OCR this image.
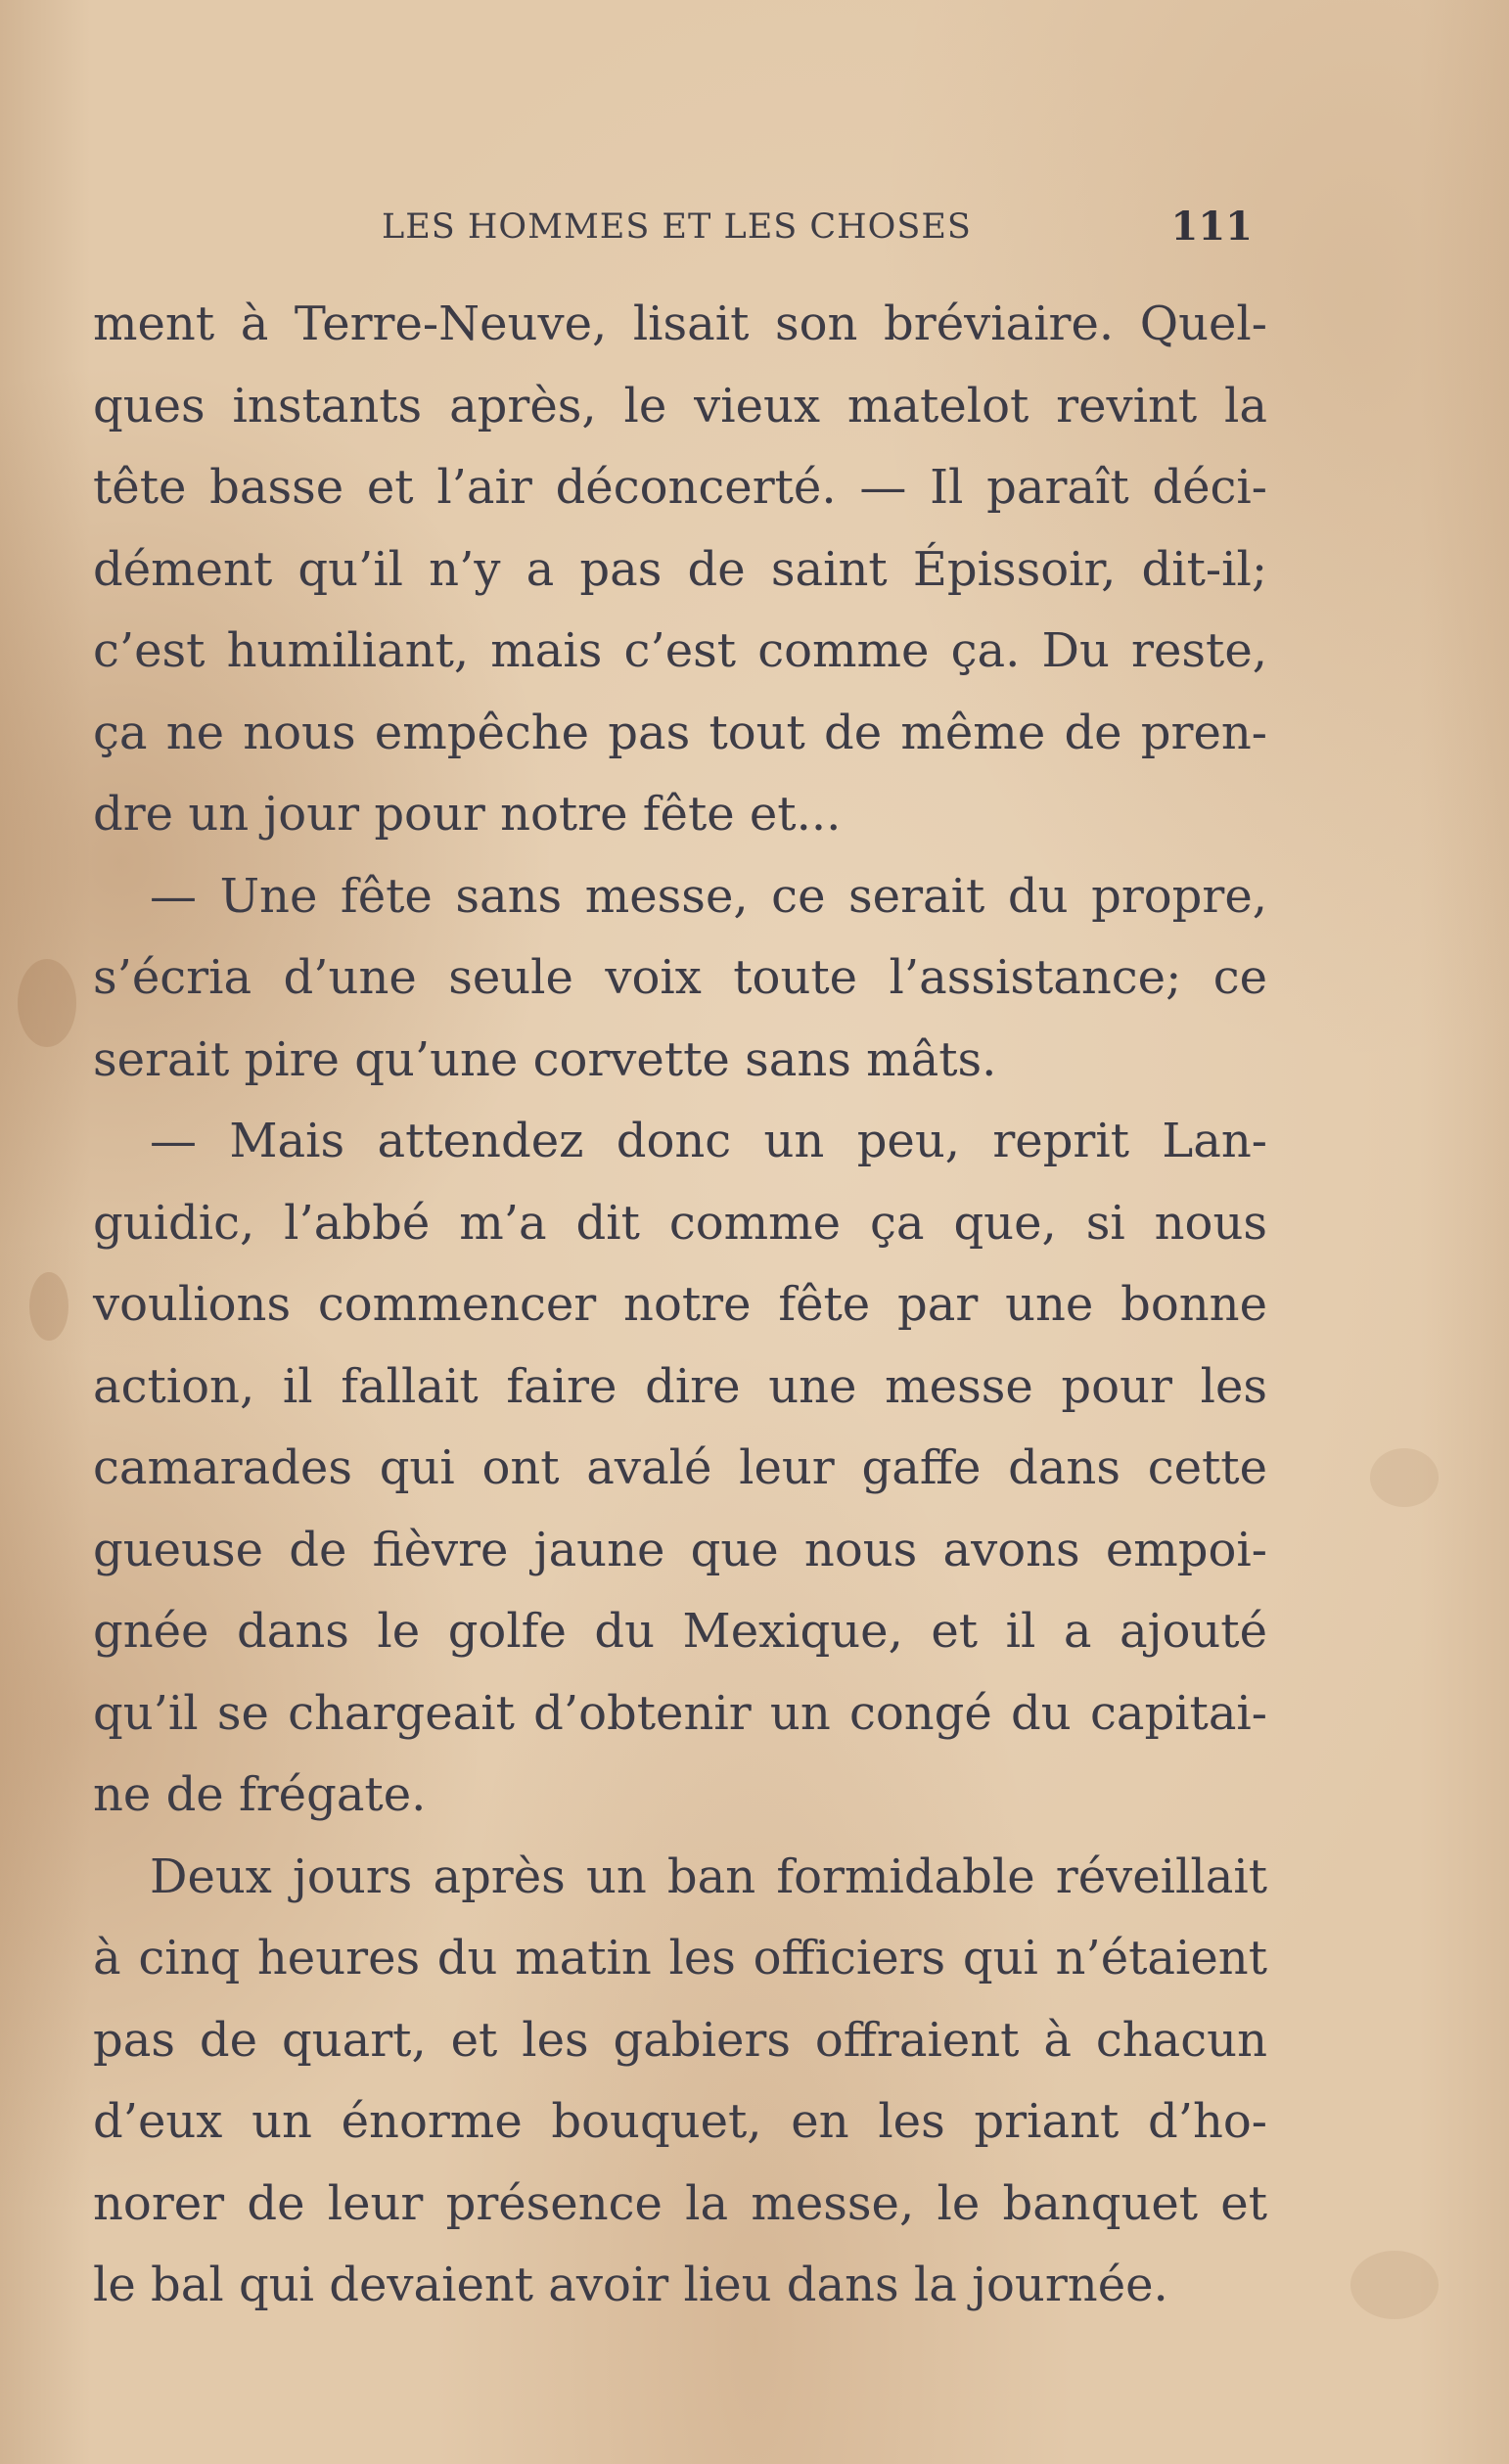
LES HOMMES ET LES CHOSES	111
ment à Terre-Neuve, lisait son bréviaire. Quel-
ques instants après, le vieux matelot revint la
tête basse et l’air déconcerté. — Il paraît déci-
dément qu’il n’y a pas de saint Épissoir, dit-il;
c’est humiliant, mais c’est comme ça. Du reste,
ça ne nous empêche pas tout de même de pren-
dre un jour pour notre fête et...
— Une fête sans messe, ce serait du propre,
s’écria d’une seule voix toute l’assistance; ce
serait pire qu’une corvette sans mâts.
— Mais attendez donc un peu, reprit Lan-
guidic, l’abbé m’a dit comme ça que, si nous
voulions commencer notre fête par une bonne
action, il fallait faire dire une messe pour les
camarades qui ont avalé leur gaffe dans cette
gueuse de fièvre jaune que nous avons empoi-
gnée dans le golfe du Mexique, et il a ajouté
qu’il se chargeait d’obtenir un congé du capitai-
ne de frégate.
Deux jours après un ban formidable réveillait
à cinq heures du matin les officiers qui n’étaient
pas de quart, et les gabiers offraient à chacun
d’eux un énorme bouquet, en les priant d’ho-
norer de leur présence la messe, le banquet et
le bal qui devaient avoir lieu dans la journée.
